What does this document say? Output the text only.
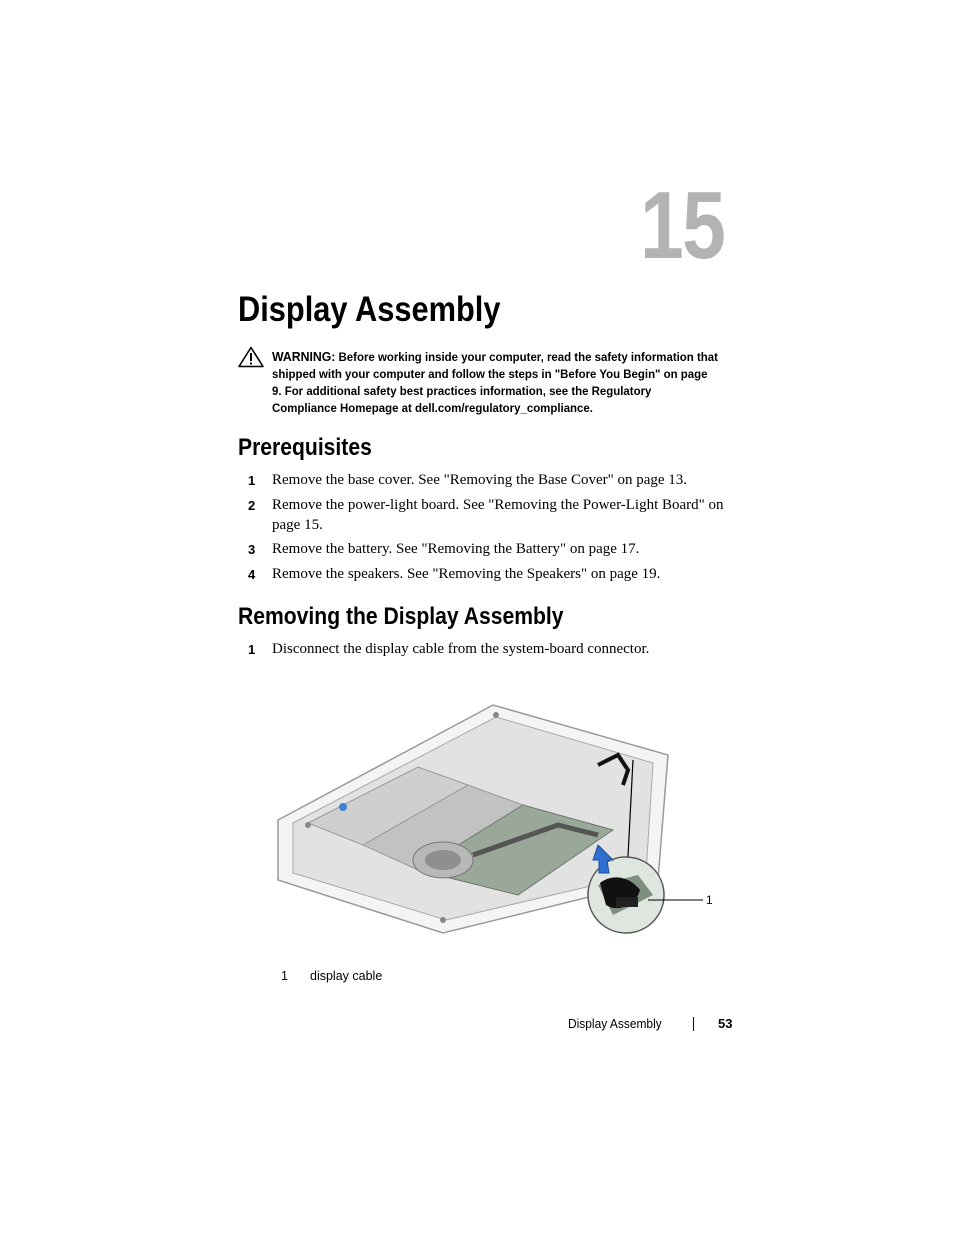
15
Display Assembly
WARNING: Before working inside your computer, read the safety information that shipped with your computer and follow the steps in "Before You Begin" on page 9. For additional safety best practices information, see the Regulatory Compliance Homepage at dell.com/regulatory_compliance.
Prerequisites
1 Remove the base cover. See "Removing the Base Cover" on page 13.
2 Remove the power-light board. See "Removing the Power-Light Board" on page 15.
3 Remove the battery. See "Removing the Battery" on page 17.
4 Remove the speakers. See "Removing the Speakers" on page 19.
Removing the Display Assembly
1 Disconnect the display cable from the system-board connector.
1
1 display cable
Display Assembly	53
